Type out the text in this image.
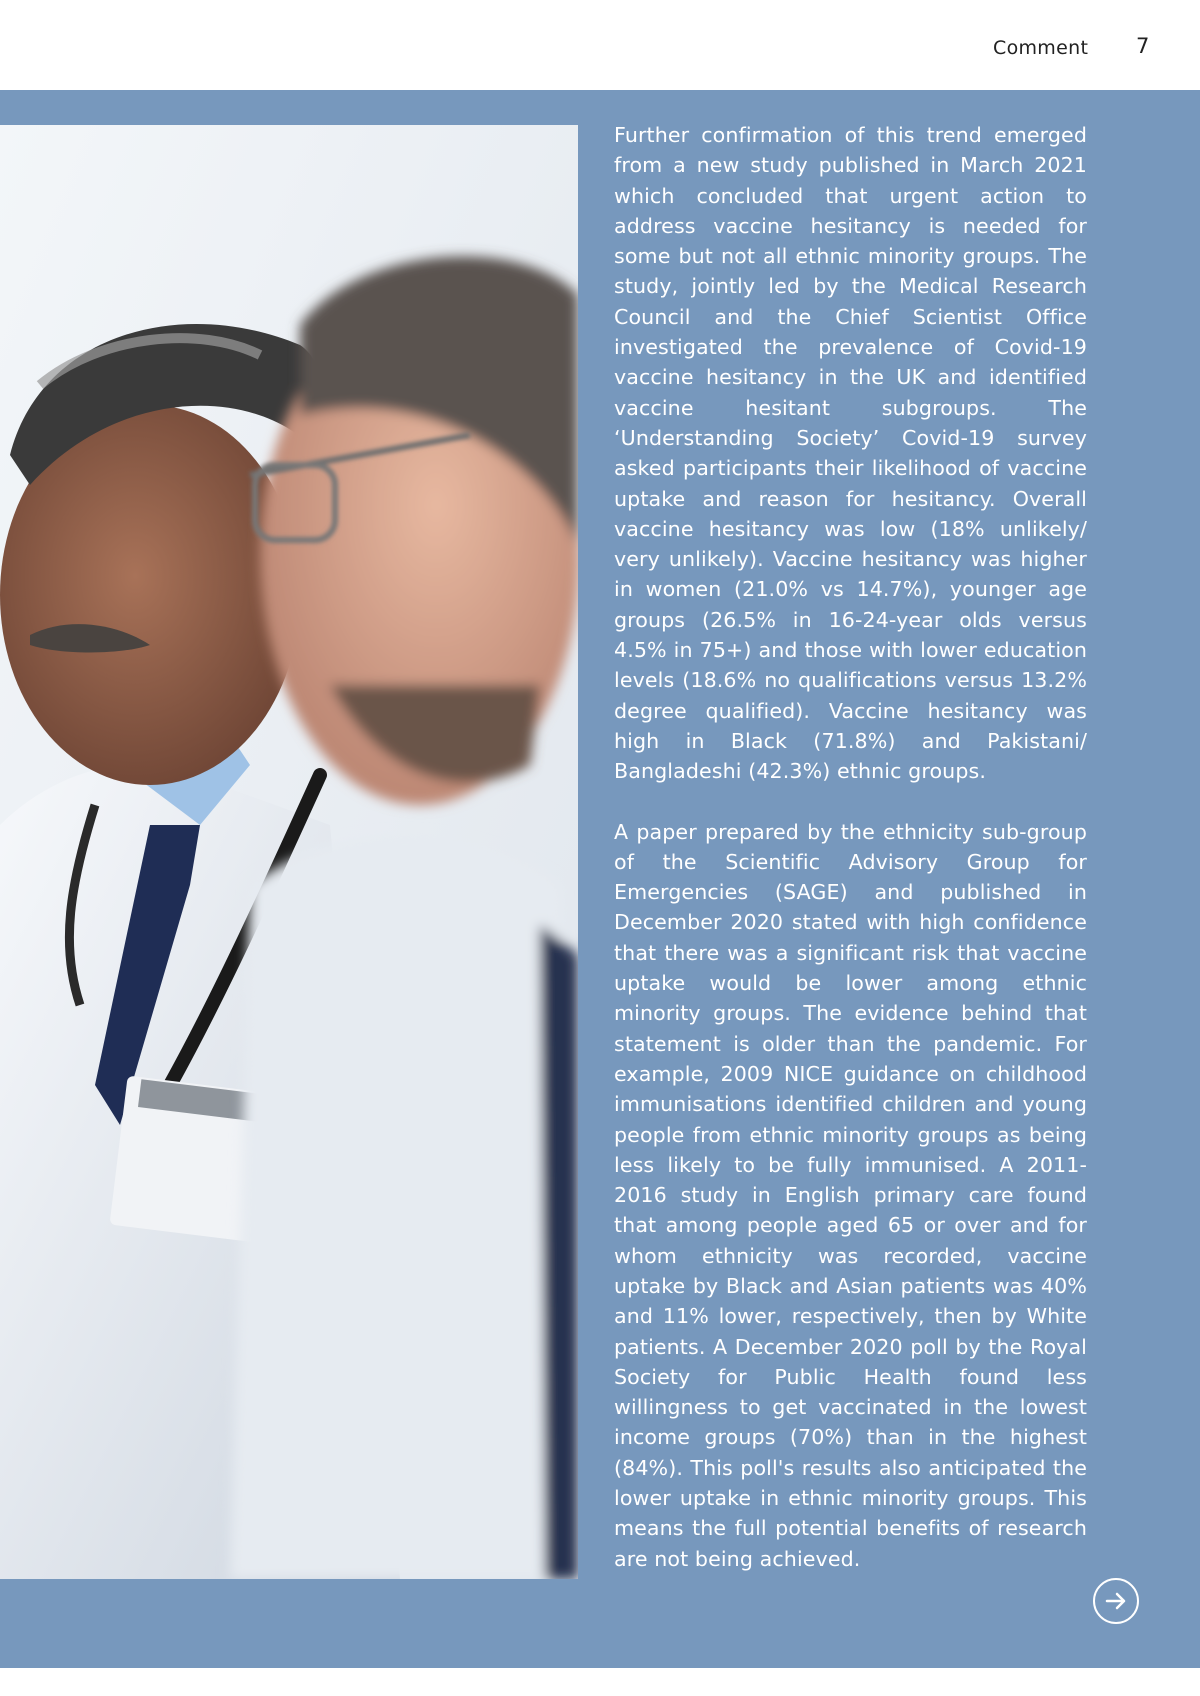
Comment 7

Further confirmation of this trend emerged from a new study published in March 2021 which concluded that urgent action to address vaccine hesitancy is needed for some but not all ethnic minority groups. The study, jointly led by the Medical Research Council and the Chief Scientist Office investigated the prevalence of Covid-19 vaccine hesitancy in the UK and identified vaccine hesitant subgroups. The ‘Understanding Society’ Covid-19 survey asked participants their likelihood of vaccine uptake and reason for hesitancy. Overall vaccine hesitancy was low (18% unlikely/ very unlikely). Vaccine hesitancy was higher in women (21.0% vs 14.7%), younger age groups (26.5% in 16-24-year olds versus 4.5% in 75+) and those with lower education levels (18.6% no qualifications versus 13.2% degree qualified). Vaccine hesitancy was high in Black (71.8%) and Pakistani/ Bangladeshi (42.3%) ethnic groups.

A paper prepared by the ethnicity sub-group of the Scientific Advisory Group for Emergencies (SAGE) and published in December 2020 stated with high confidence that there was a significant risk that vaccine uptake would be lower among ethnic minority groups. The evidence behind that statement is older than the pandemic. For example, 2009 NICE guidance on childhood immunisations identified children and young people from ethnic minority groups as being less likely to be fully immunised. A 2011-2016 study in English primary care found that among people aged 65 or over and for whom ethnicity was recorded, vaccine uptake by Black and Asian patients was 40% and 11% lower, respectively, then by White patients. A December 2020 poll by the Royal Society for Public Health found less willingness to get vaccinated in the lowest income groups (70%) than in the highest (84%). This poll's results also anticipated the lower uptake in ethnic minority groups. This means the full potential benefits of research are not being achieved.
